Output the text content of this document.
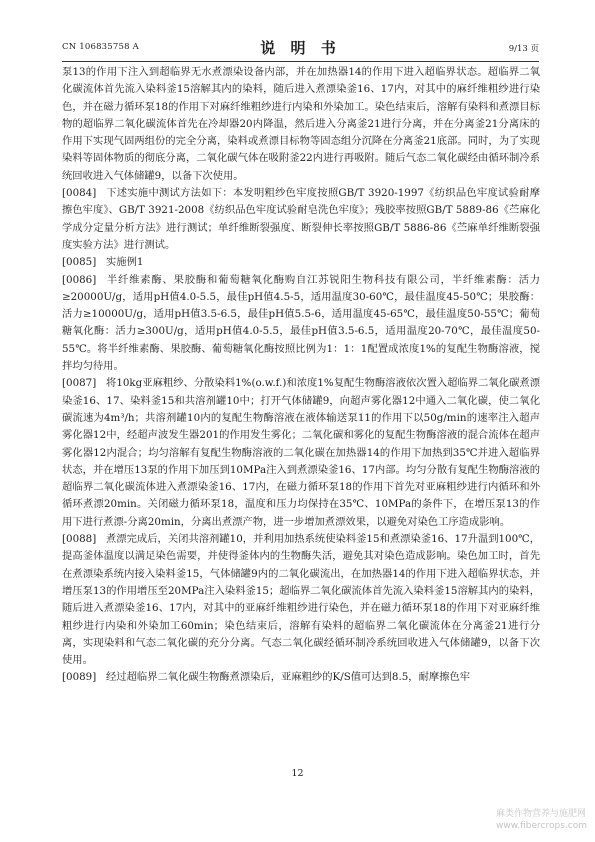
CN 106835758 A	说 明 书	9/13 页

泵13的作用下注入到超临界无水煮漂染设备内部，并在加热器14的作用下进入超临界状态。超临界二氧化碳流体首先流入染料釜15溶解其内的染料，随后进入煮漂染釜16、17内，对其中的麻纤维粗纱进行染色，并在磁力循环泵18的作用下对麻纤维粗纱进行内染和外染加工。染色结束后，溶解有染料和煮漂目标物的超临界二氧化碳流体首先在冷却器20内降温，然后进入分离釜21进行分离，并在分离釜21分离床的作用下实现气固两组份的完全分离，染料或煮漂目标物等固态组分沉降在分离釜21底部。同时，为了实现染料等固体物质的彻底分离，二氧化碳气体在吸附釜22内进行再吸附。随后气态二氧化碳经由循环制冷系统回收进入气体储罐9，以备下次使用。

[0084] 下述实施中测试方法如下：本发明粗纱色牢度按照GB/T 3920-1997《纺织品色牢度试验耐摩擦色牢度》、GB/T 3921-2008《纺织品色牢度试验耐皂洗色牢度》；残胶率按照GB/T 5889-86《苎麻化学成分定量分析方法》进行测试；单纤维断裂强度、断裂伸长率按照GB/T 5886-86《苎麻单纤维断裂强度实验方法》进行测试。

[0085] 实施例1

[0086] 半纤维素酶、果胶酶和葡萄糖氧化酶购自江苏锐阳生物科技有限公司，半纤维素酶：活力≥20000U/g，适用pH值4.0-5.5，最佳pH值4.5-5，适用温度30-60℃，最佳温度45-50℃；果胶酶：活力≥10000U/g，适用pH值3.5-6.5，最佳pH值5.5-6，适用温度45-65℃，最佳温度50-55℃；葡萄糖氧化酶：活力≥300U/g，适用pH值4.0-5.5，最佳pH值3.5-6.5，适用温度20-70℃，最佳温度50-55℃。将半纤维素酶、果胶酶、葡萄糖氧化酶按照比例为1：1：1配置成浓度1%的复配生物酶溶液，搅拌均匀待用。

[0087] 将10kg亚麻粗纱、分散染料1%(o.w.f.)和浓度1%复配生物酶溶液依次置入超临界二氧化碳煮漂染釜16、17、染料釜15和共溶剂罐10中；打开气体储罐9，向超声雾化器12中通入二氧化碳，使二氧化碳流速为4m³/h；共溶剂罐10内的复配生物酶溶液在液体输送泵11的作用下以50g/min的速率注入超声雾化器12中，经超声波发生器201的作用发生雾化；二氧化碳和雾化的复配生物酶溶液的混合流体在超声雾化器12内混合；均匀溶解有复配生物酶溶液的二氧化碳在加热器14的作用下加热到35℃并进入超临界状态，并在增压13泵的作用下加压到10MPa注入到煮漂染釜16、17内部。均匀分散有复配生物酶溶液的超临界二氧化碳流体进入煮漂染釜16、17内，在磁力循环泵18的作用下首先对亚麻粗纱进行内循环和外循环煮漂20min。关闭磁力循环泵18，温度和压力均保持在35℃、10MPa的条件下，在增压泵13的作用下进行煮漂-分离20min，分离出煮漂产物，进一步增加煮漂效果，以避免对染色工序造成影响。

[0088] 煮漂完成后，关闭共溶剂罐10，并利用加热系统使染料釜15和煮漂染釜16、17升温到100℃，提高釜体温度以满足染色需要，并使得釜体内的生物酶失活，避免其对染色造成影响。染色加工时，首先在煮漂染系统内接入染料釜15，气体储罐9内的二氧化碳流出，在加热器14的作用下进入超临界状态，并增压泵13的作用增压至20MPa注入染料釜15；超临界二氧化碳流体首先流入染料釜15溶解其内的染料，随后进入煮漂染釜16、17内，对其中的亚麻纤维粗纱进行染色，并在磁力循环泵18的作用下对亚麻纤维粗纱进行内染和外染加工60min；染色结束后，溶解有染料的超临界二氧化碳流体在分离釜21进行分离，实现染料和气态二氧化碳的充分分离。气态二氧化碳经循环制冷系统回收进入气体储罐9，以备下次使用。

[0089] 经过超临界二氧化碳生物酶煮漂染后，亚麻粗纱的K/S值可达到8.5，耐摩擦色牢

12
麻类作物营养与施肥网
www.fibercrops.com
